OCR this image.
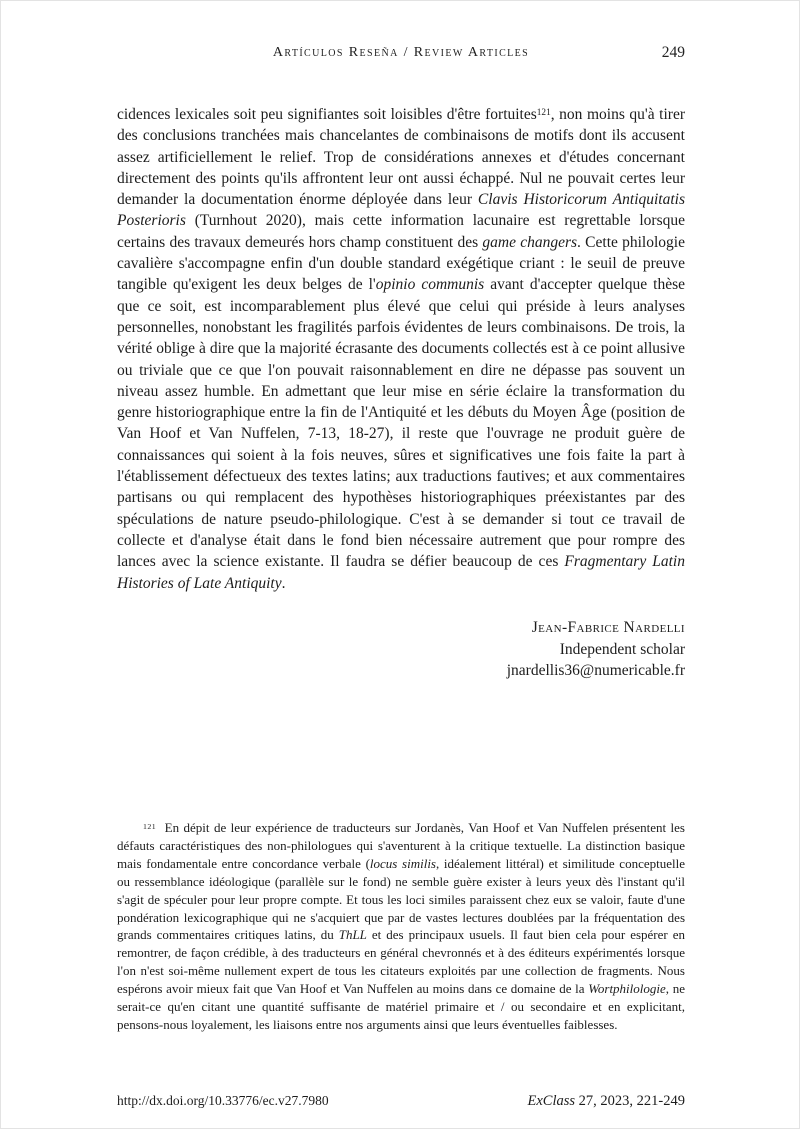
Artículos Reseña / Review Articles	249

cidences lexicales soit peu signifiantes soit loisibles d'être fortuites$^{121}$, non moins qu'à tirer des conclusions tranchées mais chancelantes de combinaisons de motifs dont ils accusent assez artificiellement le relief. Trop de considérations annexes et d'études concernant directement des points qu'ils affrontent leur ont aussi échappé. Nul ne pouvait certes leur demander la documentation énorme déployée dans leur Clavis Historicorum Antiquitatis Posterioris (Turnhout 2020), mais cette information lacunaire est regrettable lorsque certains des travaux demeurés hors champ constituent des game changers. Cette philologie cavalière s'accompagne enfin d'un double standard exégétique criant : le seuil de preuve tangible qu'exigent les deux belges de l'opinio communis avant d'accepter quelque thèse que ce soit, est incomparablement plus élevé que celui qui préside à leurs analyses personnelles, nonobstant les fragilités parfois évidentes de leurs combinaisons. De trois, la vérité oblige à dire que la majorité écrasante des documents collectés est à ce point allusive ou triviale que ce que l'on pouvait raisonnablement en dire ne dépasse pas souvent un niveau assez humble. En admettant que leur mise en série éclaire la transformation du genre historiographique entre la fin de l'Antiquité et les débuts du Moyen Âge (position de Van Hoof et Van Nuffelen, 7-13, 18-27), il reste que l'ouvrage ne produit guère de connaissances qui soient à la fois neuves, sûres et significatives une fois faite la part à l'établissement défectueux des textes latins; aux traductions fautives; et aux commentaires partisans ou qui remplacent des hypothèses historiographiques préexistantes par des spéculations de nature pseudo-philologique. C'est à se demander si tout ce travail de collecte et d'analyse était dans le fond bien nécessaire autrement que pour rompre des lances avec la science existante. Il faudra se défier beaucoup de ces Fragmentary Latin Histories of Late Antiquity.

Jean-Fabrice Nardelli
Independent scholar
jnardellis36@numericable.fr
$^{121}$ En dépit de leur expérience de traducteurs sur Jordanès, Van Hoof et Van Nuffelen présentent les défauts caractéristiques des non-philologues qui s'aventurent à la critique textuelle. La distinction basique mais fondamentale entre concordance verbale (locus similis, idéalement littéral) et similitude conceptuelle ou ressemblance idéologique (parallèle sur le fond) ne semble guère exister à leurs yeux dès l'instant qu'il s'agit de spéculer pour leur propre compte. Et tous les loci similes paraissent chez eux se valoir, faute d'une pondération lexicographique qui ne s'acquiert que par de vastes lectures doublées par la fréquentation des grands commentaires critiques latins, du ThLL et des principaux usuels. Il faut bien cela pour espérer en remontrer, de façon crédible, à des traducteurs en général chevronnés et à des éditeurs expérimentés lorsque l'on n'est soi-même nullement expert de tous les citateurs exploités par une collection de fragments. Nous espérons avoir mieux fait que Van Hoof et Van Nuffelen au moins dans ce domaine de la Wortphilologie, ne serait-ce qu'en citant une quantité suffisante de matériel primaire et / ou secondaire et en explicitant, pensons-nous loyalement, les liaisons entre nos arguments ainsi que leurs éventuelles faiblesses.
http://dx.doi.org/10.33776/ec.v27.7980	ExClass 27, 2023, 221-249
